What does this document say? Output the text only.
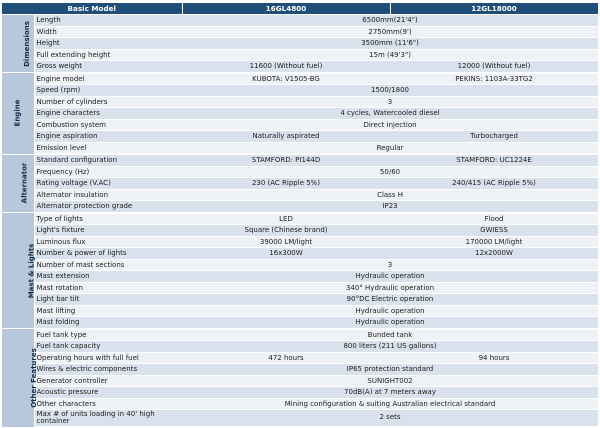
Basic Model		16GL4800	12GL18000
Dimensions	Length	6500mm(21'4")	
	Width	2750mm(9')	
	Height	3500mm (11'6")	
	Full extending height	15m (49'3")	
	Gross weight	11600 (Without fuel)	12000 (Without fuel)
Engine	Engine model	KUBOTA: V1505-BG	PEKINS: 1103A-33TG2
	Speed (rpm)	1500/1800	
	Number of cylinders	3	
	Engine characters	4 cycles, Watercooled diesel	
	Combustion system	Direct injection	
	Engine aspiration	Naturally aspirated	Turbocharged
	Emission level	Regular	
Alternator	Standard configuration	STAMFORD: PI144D	STAMFORD: UC1224E
	Frequency (Hz)	50/60	
	Rating voltage (V.AC)	230 (AC Ripple 5%)	240/415 (AC Ripple 5%)
	Alternator insulation	Class H	
	Alternator protection grade	IP23	
Mast & Lights	Type of lights	LED	Flood
	Light's fixture	Square (Chinese brand)	GWIESS
	Luminous flux	39000 LM/light	170000 LM/light
	Number & power of lights	16x300W	12x2000W
	Number of mast sections	3	
	Mast extension	Hydraulic operation	
	Mast rotation	340° Hydraulic operation	
	Light bar tilt	90°DC Electric operation	
	Mast lifting	Hydraulic operation	
	Mast folding	Hydraulic operation	
Other Features	Fuel tank type	Bunded tank	
	Fuel tank capacity	800 liters (211 US gallons)	
	Operating hours with full fuel	472 hours	94 hours
	Wires & electric components	IP65 protection standard	
	Generator controller	SUNIGHT002	
	Acoustic pressure	70dB(A) at 7 meters away	
	Other characters	Mining configuration & suiting Australian electrical standard	
	Max # of units loading in 40' high container	2 sets	
